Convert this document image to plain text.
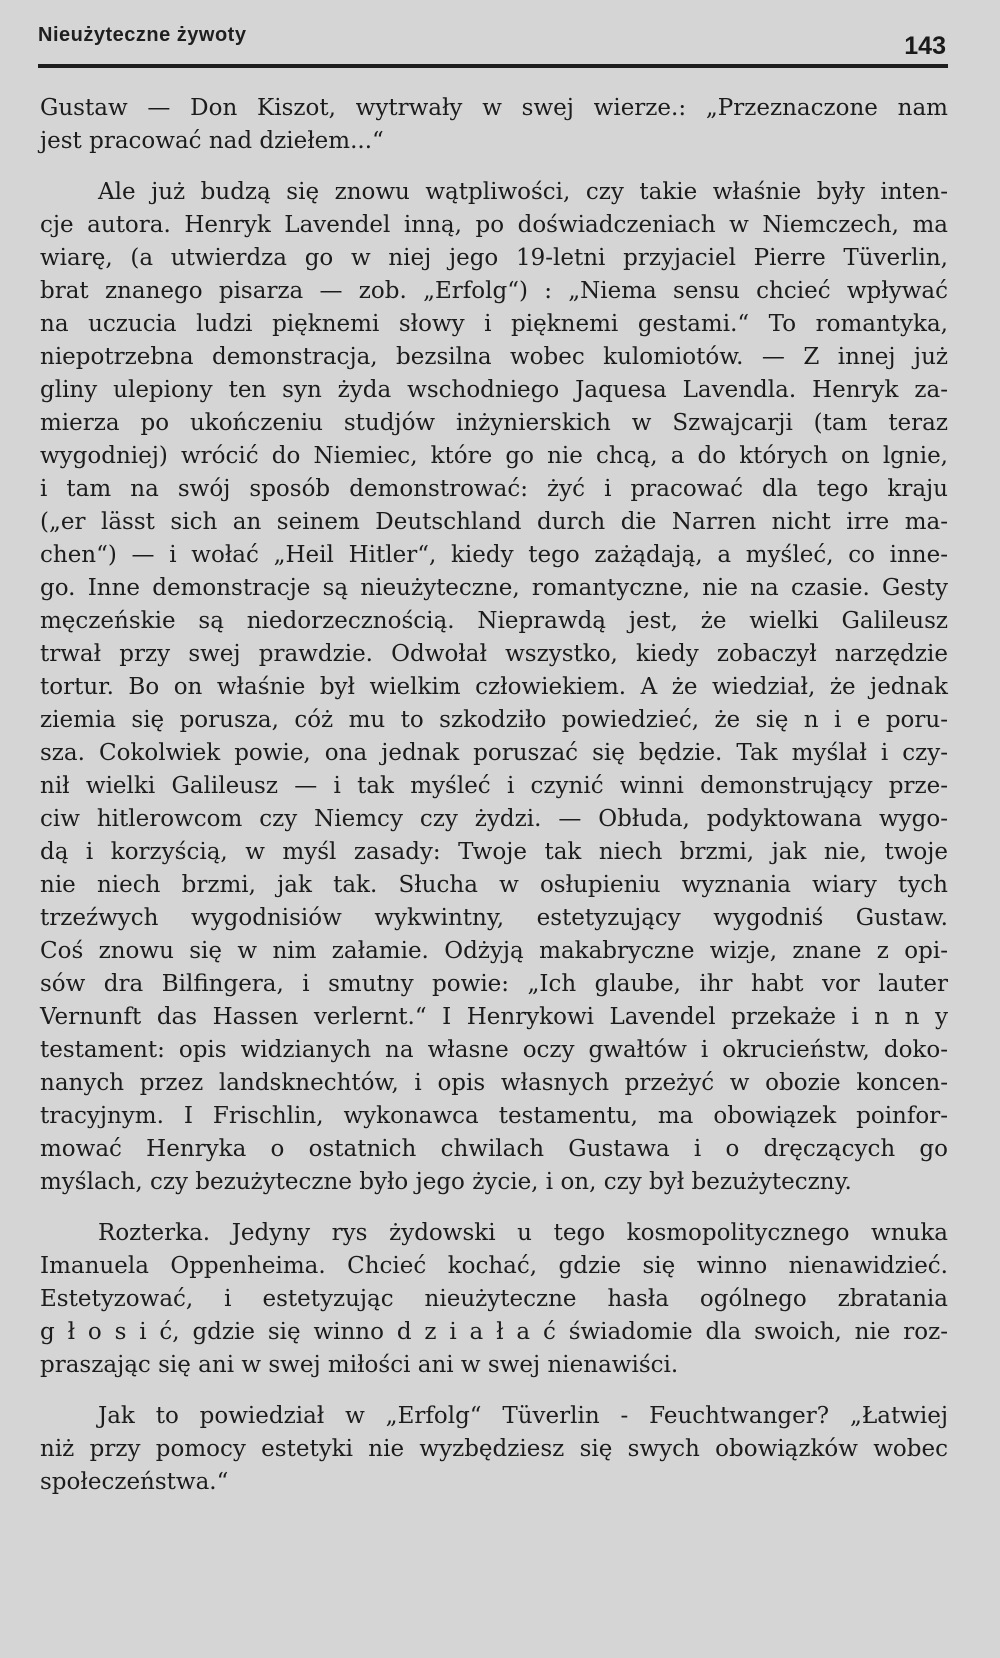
Nieużyteczne żywoty	143
Gustaw — Don Kiszot, wytrwały w swej wierze.: „Przeznaczone nam
jest pracować nad dziełem...“
Ale już budzą się znowu wątpliwości, czy takie właśnie były inten-
cje autora. Henryk Lavendel inną, po doświadczeniach w Niemczech, ma
wiarę, (a utwierdza go w niej jego 19-letni przyjaciel Pierre Tüverlin,
brat znanego pisarza — zob. „Erfolg“) : „Niema sensu chcieć wpływać
na uczucia ludzi pięknemi słowy i pięknemi gestami.“ To romantyka,
niepotrzebna demonstracja, bezsilna wobec kulomiotów. — Z innej już
gliny ulepiony ten syn żyda wschodniego Jaquesa Lavendla. Henryk za-
mierza po ukończeniu studjów inżynierskich w Szwajcarji (tam teraz
wygodniej) wrócić do Niemiec, które go nie chcą, a do których on lgnie,
i tam na swój sposób demonstrować: żyć i pracować dla tego kraju
(„er lässt sich an seinem Deutschland durch die Narren nicht irre ma-
chen“) — i wołać „Heil Hitler“, kiedy tego zażądają, a myśleć, co inne-
go. Inne demonstracje są nieużyteczne, romantyczne, nie na czasie. Gesty
męczeńskie są niedorzecznością. Nieprawdą jest, że wielki Galileusz
trwał przy swej prawdzie. Odwołał wszystko, kiedy zobaczył narzędzie
tortur. Bo on właśnie był wielkim człowiekiem. A że wiedział, że jednak
ziemia się porusza, cóż mu to szkodziło powiedzieć, że się n i e poru-
sza. Cokolwiek powie, ona jednak poruszać się będzie. Tak myślał i czy-
nił wielki Galileusz — i tak myśleć i czynić winni demonstrujący prze-
ciw hitlerowcom czy Niemcy czy żydzi. — Obłuda, podyktowana wygo-
dą i korzyścią, w myśl zasady: Twoje tak niech brzmi, jak nie, twoje
nie niech brzmi, jak tak. Słucha w osłupieniu wyznania wiary tych
trzeźwych wygodnisiów wykwintny, estetyzujący wygodniś Gustaw.
Coś znowu się w nim załamie. Odżyją makabryczne wizje, znane z opi-
sów dra Bilfingera, i smutny powie: „Ich glaube, ihr habt vor lauter
Vernunft das Hassen verlernt.“ I Henrykowi Lavendel przekaże i n n y
testament: opis widzianych na własne oczy gwałtów i okrucieństw, doko-
nanych przez landsknechtów, i opis własnych przeżyć w obozie koncen-
tracyjnym. I Frischlin, wykonawca testamentu, ma obowiązek poinfor-
mować Henryka o ostatnich chwilach Gustawa i o dręczących go
myślach, czy bezużyteczne było jego życie, i on, czy był bezużyteczny.
Rozterka. Jedyny rys żydowski u tego kosmopolitycznego wnuka
Imanuela Oppenheima. Chcieć kochać, gdzie się winno nienawidzieć.
Estetyzować, i estetyzując nieużyteczne hasła ogólnego zbratania
g ł o s i ć, gdzie się winno d z i a ł a ć świadomie dla swoich, nie roz-
praszając się ani w swej miłości ani w swej nienawiści.
Jak to powiedział w „Erfolg“ Tüverlin - Feuchtwanger? „Łatwiej
niż przy pomocy estetyki nie wyzbędziesz się swych obowiązków wobec
społeczeństwa.“
